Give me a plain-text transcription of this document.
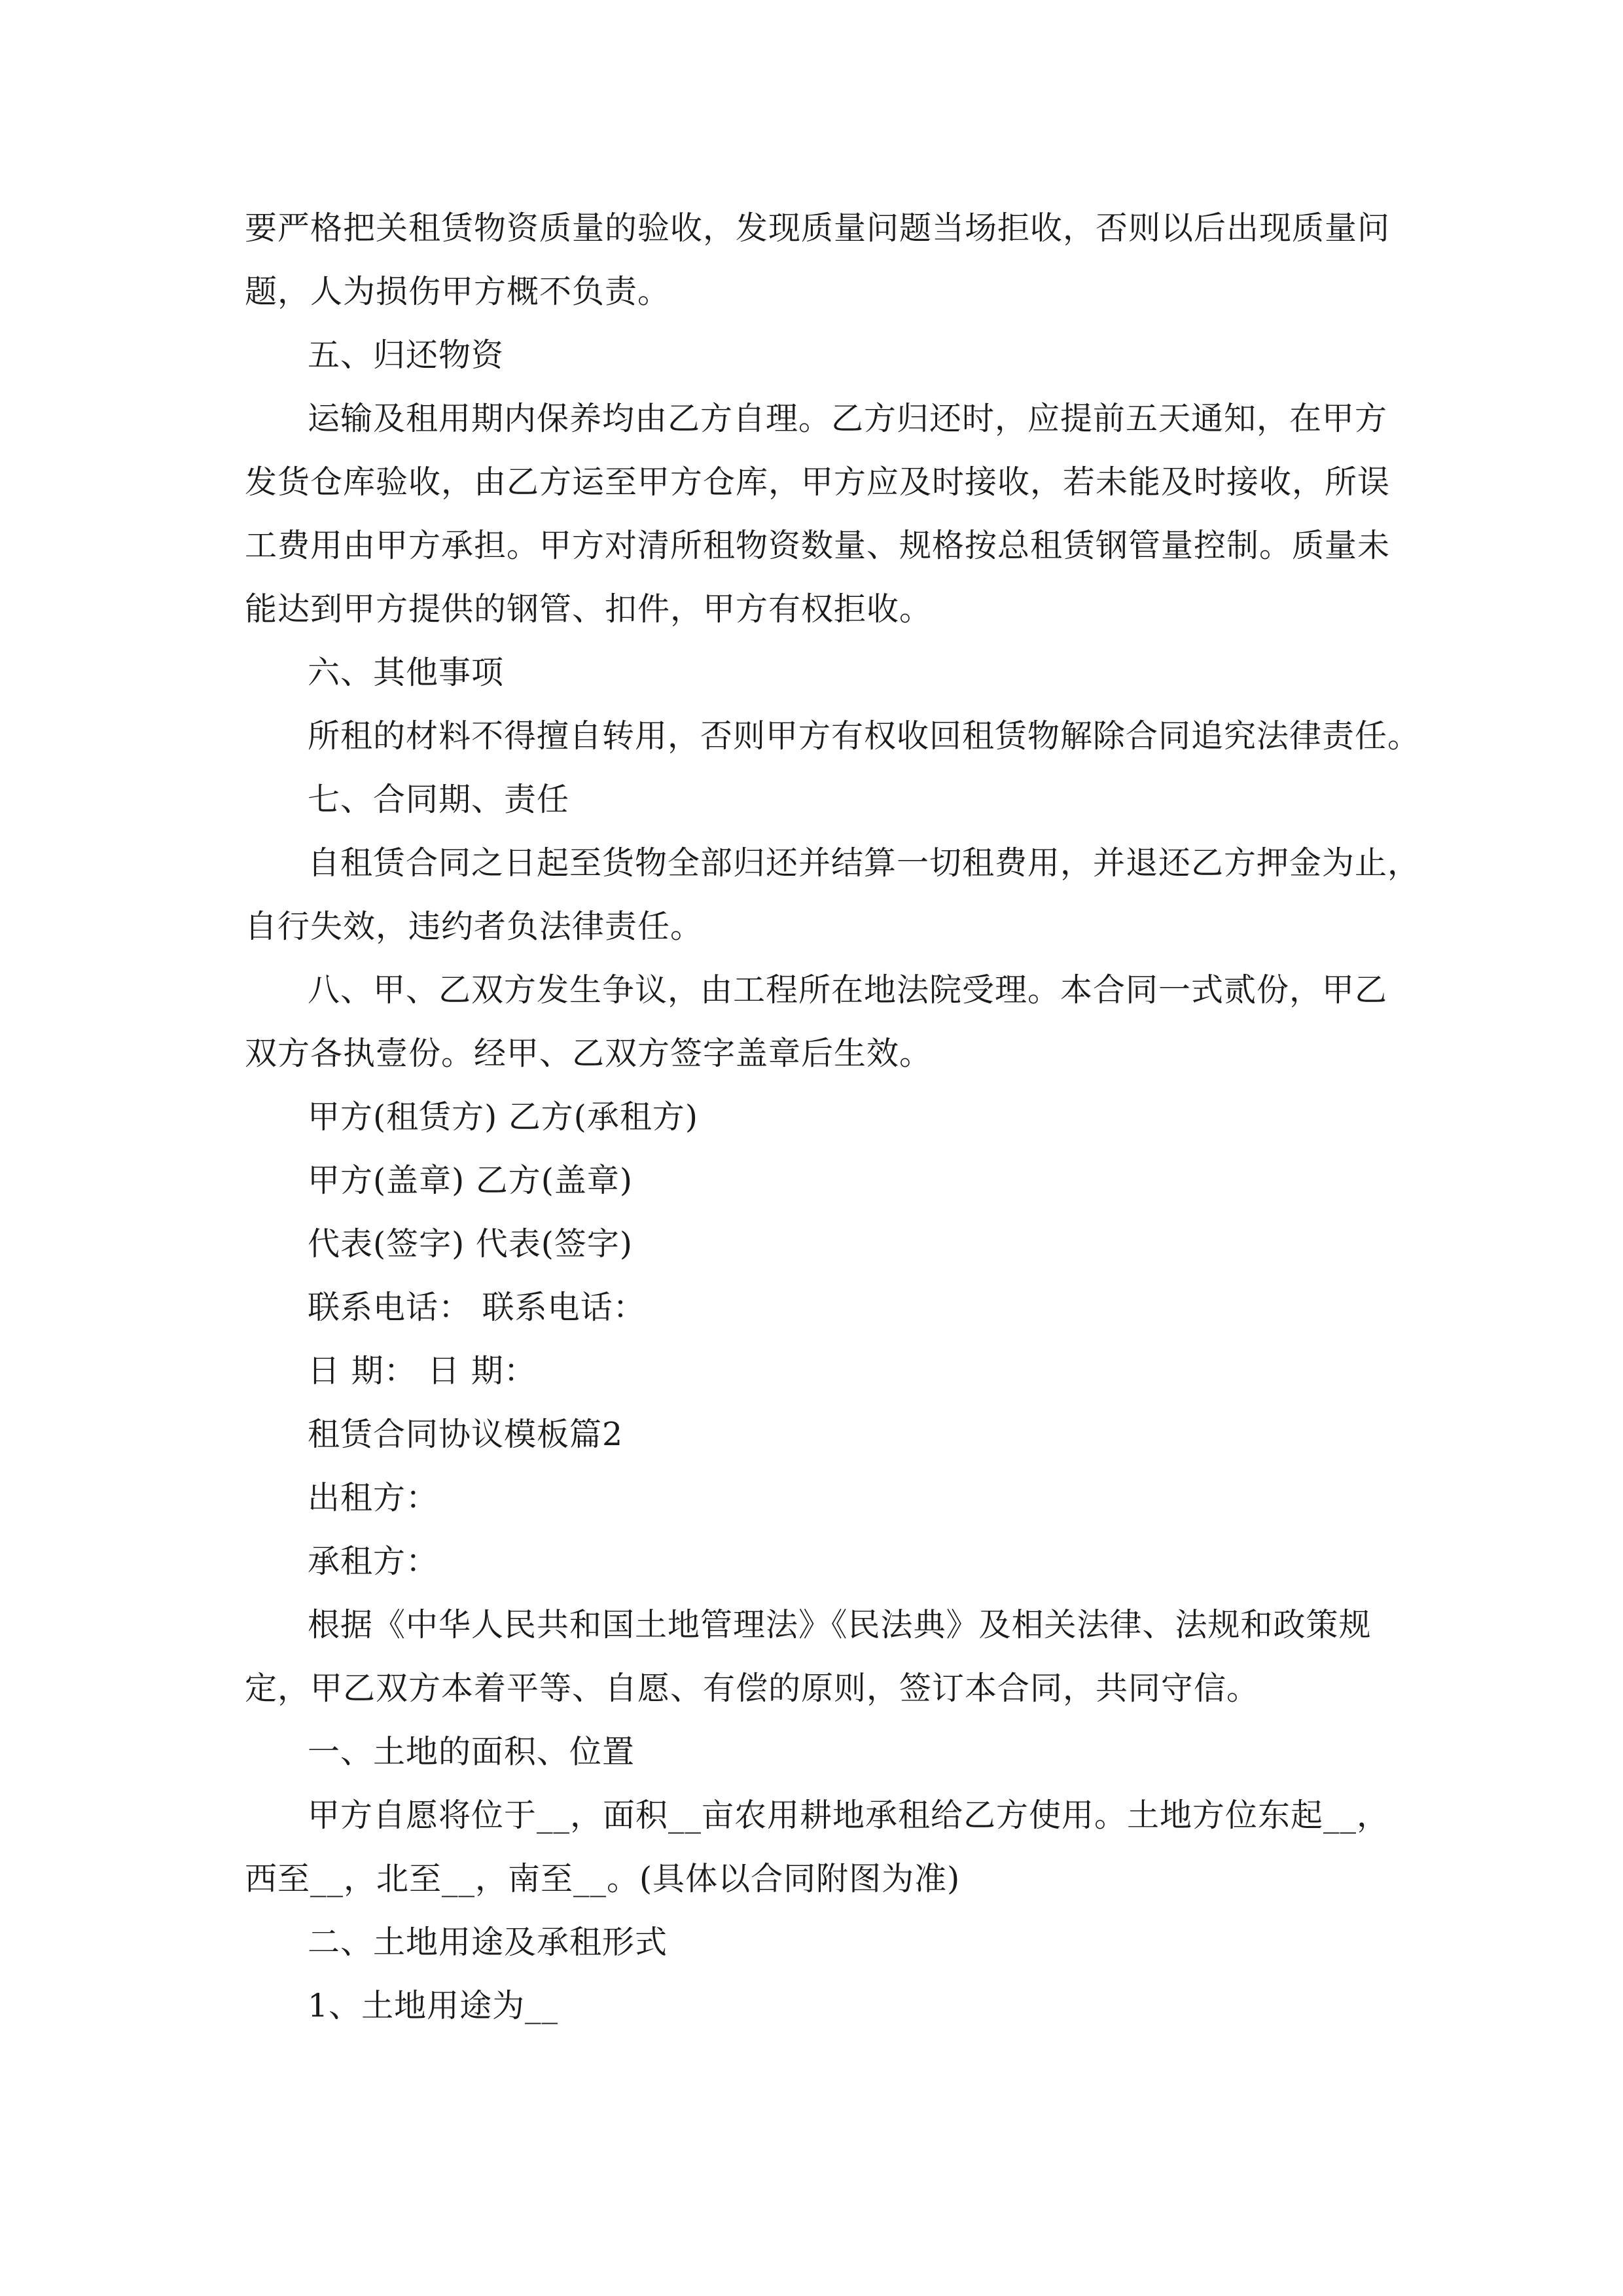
要严格把关租赁物资质量的验收，发现质量问题当场拒收，否则以后出现质量问

题，人为损伤甲方概不负责。

五、归还物资

运输及租用期内保养均由乙方自理。乙方归还时，应提前五天通知，在甲方

发货仓库验收，由乙方运至甲方仓库，甲方应及时接收，若未能及时接收，所误

工费用由甲方承担。甲方对清所租物资数量、规格按总租赁钢管量控制。质量未

能达到甲方提供的钢管、扣件，甲方有权拒收。

六、其他事项

所租的材料不得擅自转用，否则甲方有权收回租赁物解除合同追究法律责任。

七、合同期、责任

自租赁合同之日起至货物全部归还并结算一切租费用，并退还乙方押金为止，

自行失效，违约者负法律责任。

八、甲、乙双方发生争议，由工程所在地法院受理。本合同一式贰份，甲乙

双方各执壹份。经甲、乙双方签字盖章后生效。

甲方(租赁方) 乙方(承租方)

甲方(盖章) 乙方(盖章)

代表(签字) 代表(签字)

联系电话： 联系电话：

日 期： 日 期：

租赁合同协议模板篇2

出租方：

承租方：

根据《中华人民共和国土地管理法》《民法典》及相关法律、法规和政策规

定，甲乙双方本着平等、自愿、有偿的原则，签订本合同，共同守信。

一、土地的面积、位置

甲方自愿将位于__，面积__亩农用耕地承租给乙方使用。土地方位东起__，

西至__，北至__，南至__。(具体以合同附图为准)

二、土地用途及承租形式

1、土地用途为__
